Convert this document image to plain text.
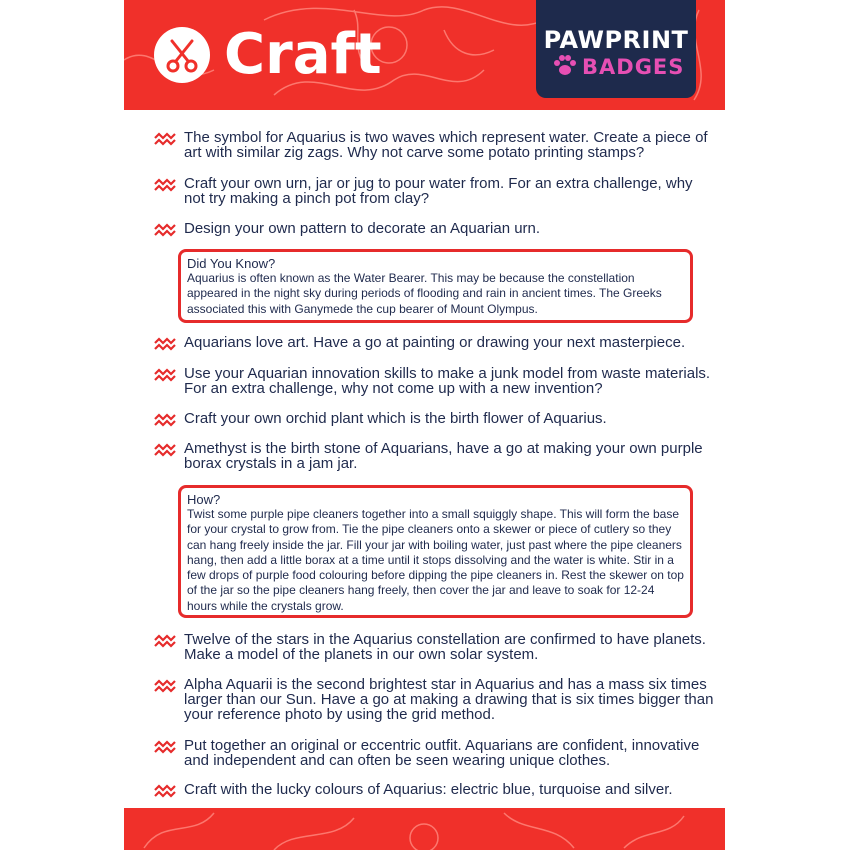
Craft	PAWPRINT
BADGES
The symbol for Aquarius is two waves which represent water. Create a piece of art with similar zig zags. Why not carve some potato printing stamps?
Craft your own urn, jar or jug to pour water from. For an extra challenge, why not try making a pinch pot from clay?
Design your own pattern to decorate an Aquarian urn.
Did You Know?
Aquarius is often known as the Water Bearer. This may be because the constellation appeared in the night sky during periods of flooding and rain in ancient times. The Greeks associated this with Ganymede the cup bearer of Mount Olympus.
Aquarians love art. Have a go at painting or drawing your next masterpiece.
Use your Aquarian innovation skills to make a junk model from waste materials. For an extra challenge, why not come up with a new invention?
Craft your own orchid plant which is the birth flower of Aquarius.
Amethyst is the birth stone of Aquarians, have a go at making your own purple borax crystals in a jam jar.
How?
Twist some purple pipe cleaners together into a small squiggly shape. This will form the base for your crystal to grow from. Tie the pipe cleaners onto a skewer or piece of cutlery so they can hang freely inside the jar. Fill your jar with boiling water, just past where the pipe cleaners hang, then add a little borax at a time until it stops dissolving and the water is white. Stir in a few drops of purple food colouring before dipping the pipe cleaners in. Rest the skewer on top of the jar so the pipe cleaners hang freely, then cover the jar and leave to soak for 12-24 hours while the crystals grow.
Twelve of the stars in the Aquarius constellation are confirmed to have planets. Make a model of the planets in our own solar system.
Alpha Aquarii is the second brightest star in Aquarius and has a mass six times larger than our Sun. Have a go at making a drawing that is six times bigger than your reference photo by using the grid method.
Put together an original or eccentric outfit. Aquarians are confident, innovative and independent and can often be seen wearing unique clothes.
Craft with the lucky colours of Aquarius: electric blue, turquoise and silver.
